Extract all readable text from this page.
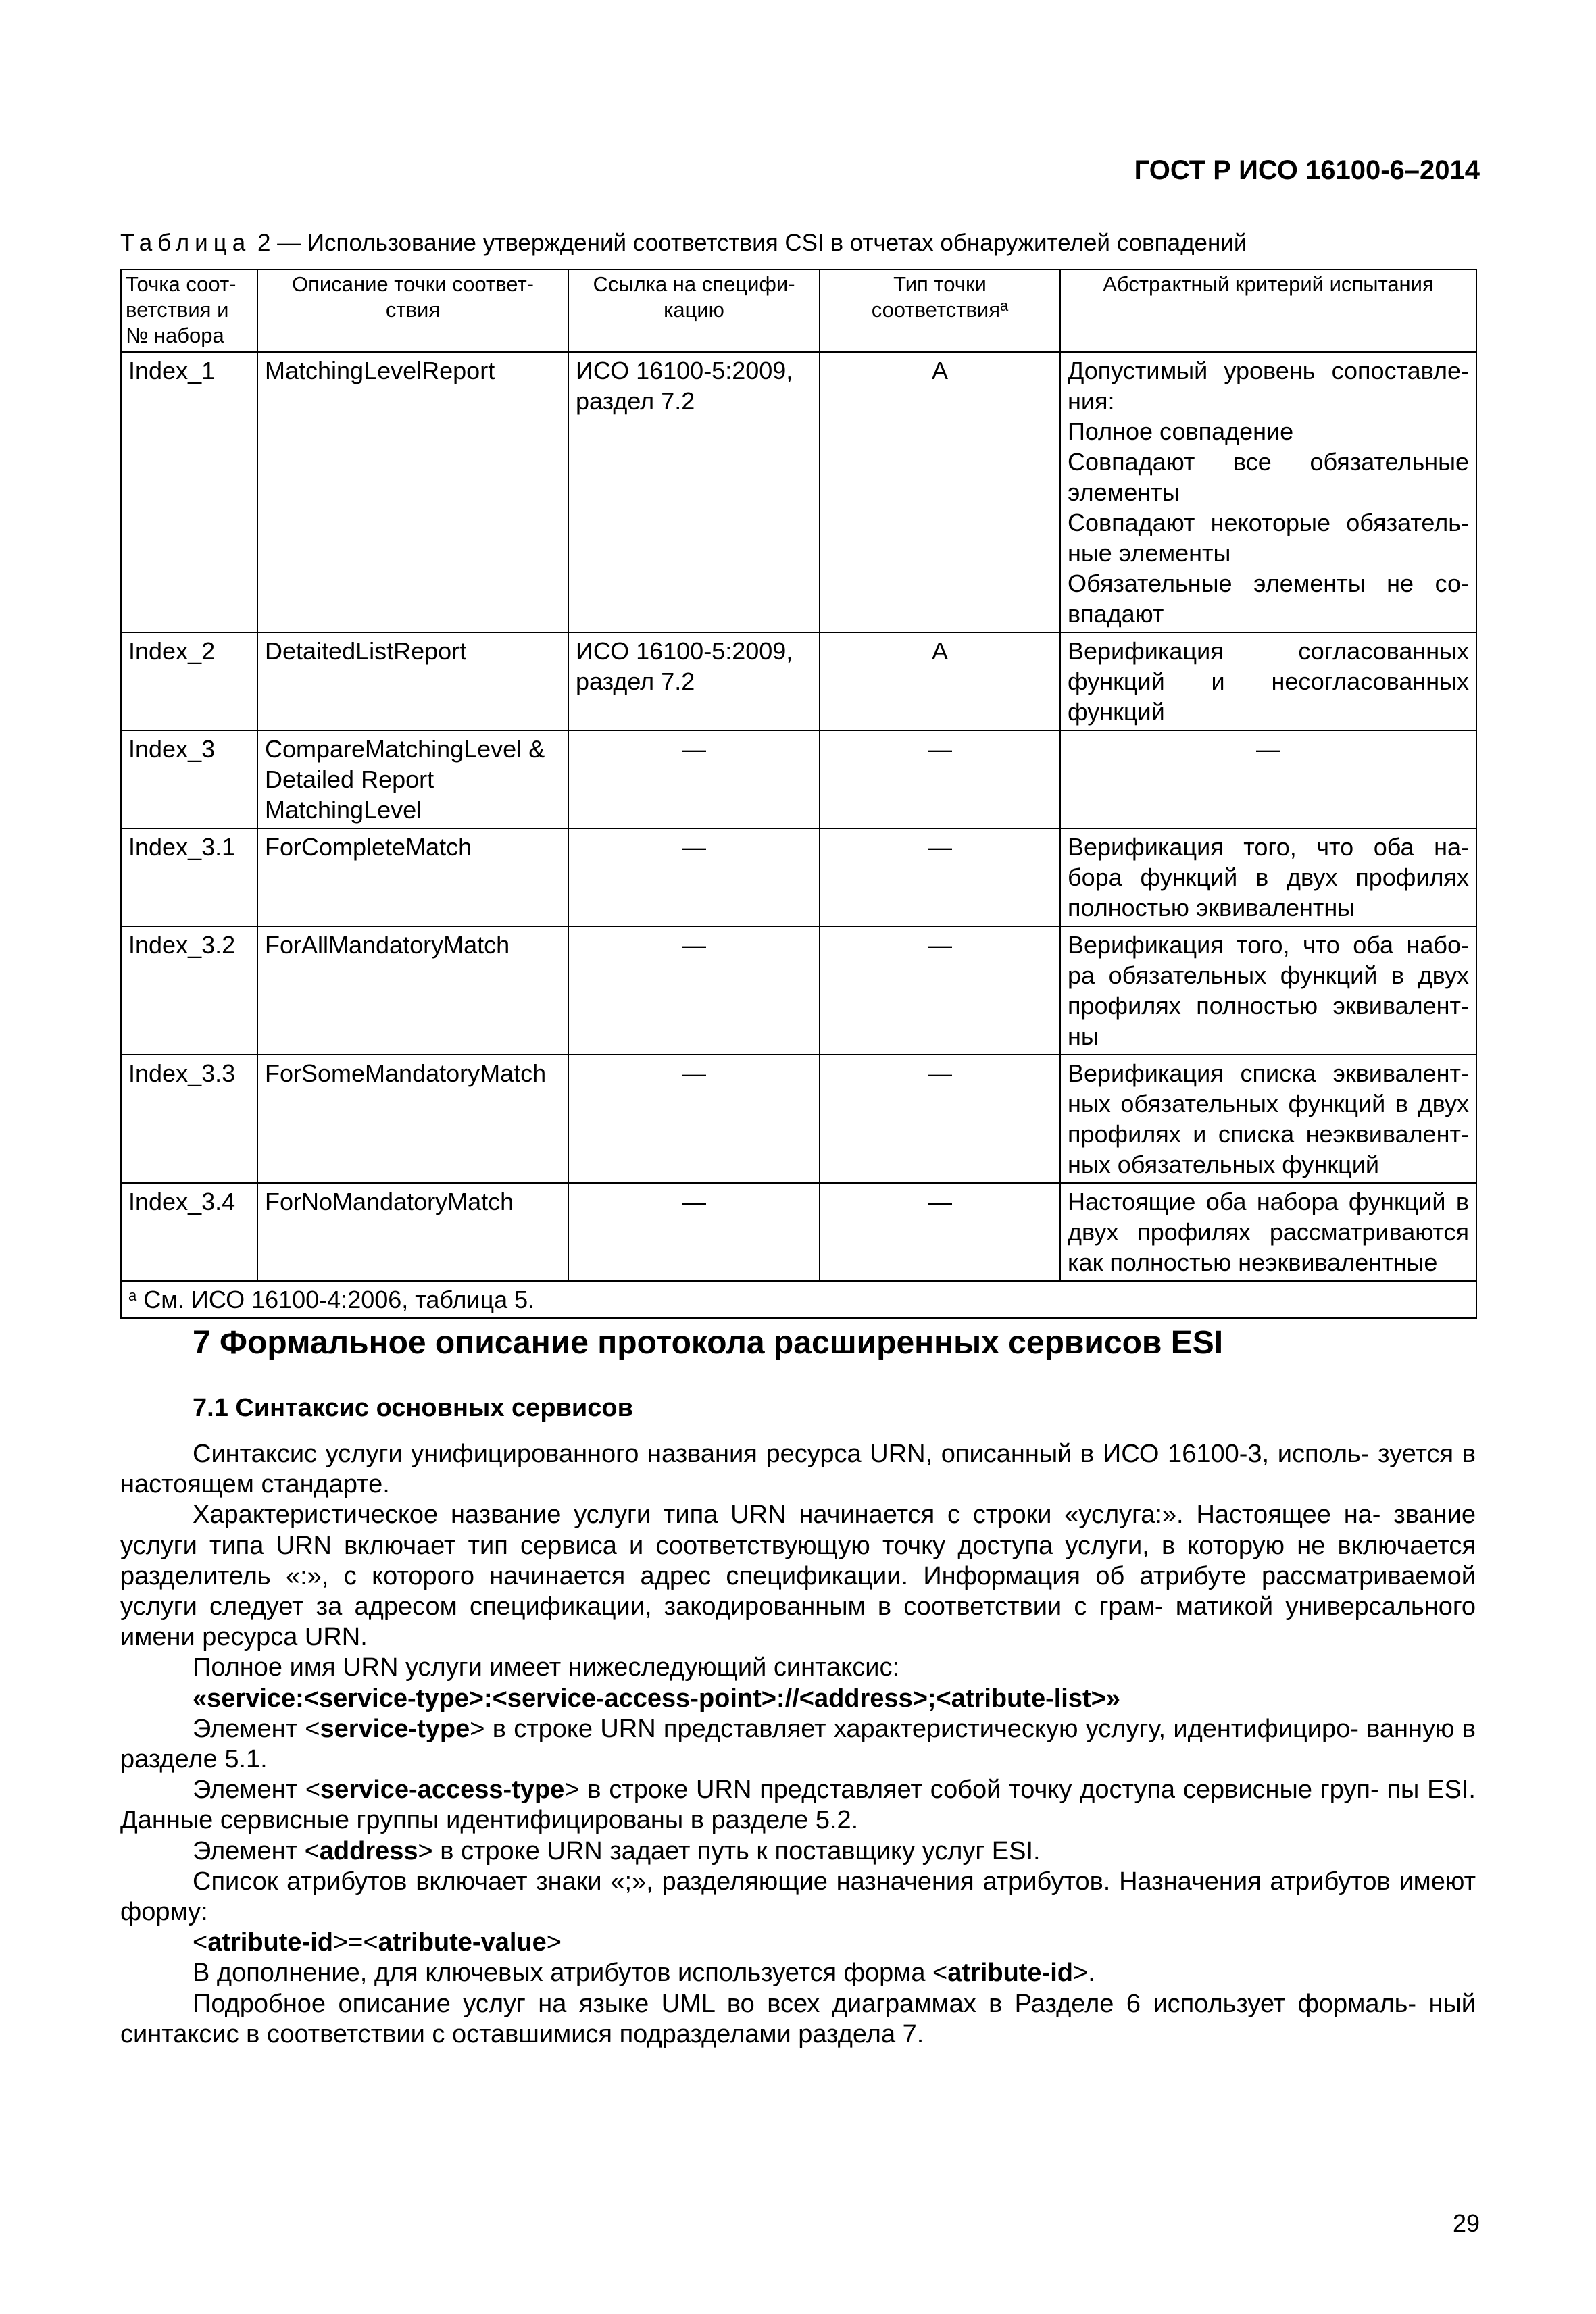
ГОСТ Р ИСО 16100-6–2014
Таблица 2 — Использование утверждений соответствия CSI в отчетах обнаружителей совпадений
Точка соот- ветствия и № набора	Описание точки соответ- ствия	Ссылка на специфи- кацию	Тип точки соответствия$^a$	Абстрактный критерий испытания
Index_1	MatchingLevelReport	ИСО 16100-5:2009, раздел 7.2	A	Допустимый уровень сопоставле- ния:
Полное совпадение
Совпадают все обязательные элементы
Совпадают некоторые обязатель- ные элементы
Обязательные элементы не со- впадают

Index_2	DetaitedListReport	ИСО 16100-5:2009, раздел 7.2	A	Верификация согласованных функций и несогласованных функций
Index_3	CompareMatchingLevel & Detailed Report MatchingLevel	—	—	—
Index_3.1	ForCompleteMatch	—	—	Верификация того, что оба на- бора функций в двух профилях полностью эквивалентны
Index_3.2	ForAllMandatoryMatch	—	—	Верификация того, что оба набо- ра обязательных функций в двух профилях полностью эквивалент- ны
Index_3.3	ForSomeMandatoryMatch	—	—	Верификация списка эквивалент- ных обязательных функций в двух профилях и списка неэквивалент- ных обязательных функций
Index_3.4	ForNoMandatoryMatch	—	—	Настоящие оба набора функций в двух профилях рассматриваются как полностью неэквивалентные
$^a$ См. ИСО 16100-4:2006, таблица 5.				
7 Формальное описание протокола расширенных сервисов ESI
7.1 Синтаксис основных сервисов

Синтаксис услуги унифицированного названия ресурса URN, описанный в ИСО 16100-3, исполь- зуется в настоящем стандарте.

Характеристическое название услуги типа URN начинается с строки «услуга:». Настоящее на- звание услуги типа URN включает тип сервиса и соответствующую точку доступа услуги, в которую не включается разделитель «:», с которого начинается адрес спецификации. Информация об атрибуте рассматриваемой услуги следует за адресом спецификации, закодированным в соответствии с грам- матикой универсального имени ресурса URN.

Полное имя URN услуги имеет нижеследующий синтаксис:

«service:<service-type>:<service-access-point>://<address>;<atribute-list>»

Элемент <service-type> в строке URN представляет характеристическую услугу, идентифициро- ванную в разделе 5.1.

Элемент <service-access-type> в строке URN представляет собой точку доступа сервисные груп- пы ESI. Данные сервисные группы идентифицированы в разделе 5.2.

Элемент <address> в строке URN задает путь к поставщику услуг ESI.

Список атрибутов включает знаки «;», разделяющие назначения атрибутов. Назначения атрибутов имеют форму:

<atribute-id>=<atribute-value>

В дополнение, для ключевых атрибутов используется форма <atribute-id>.

Подробное описание услуг на языке UML во всех диаграммах в Разделе 6 использует формаль- ный синтаксис в соответствии с оставшимися подразделами раздела 7.

29
